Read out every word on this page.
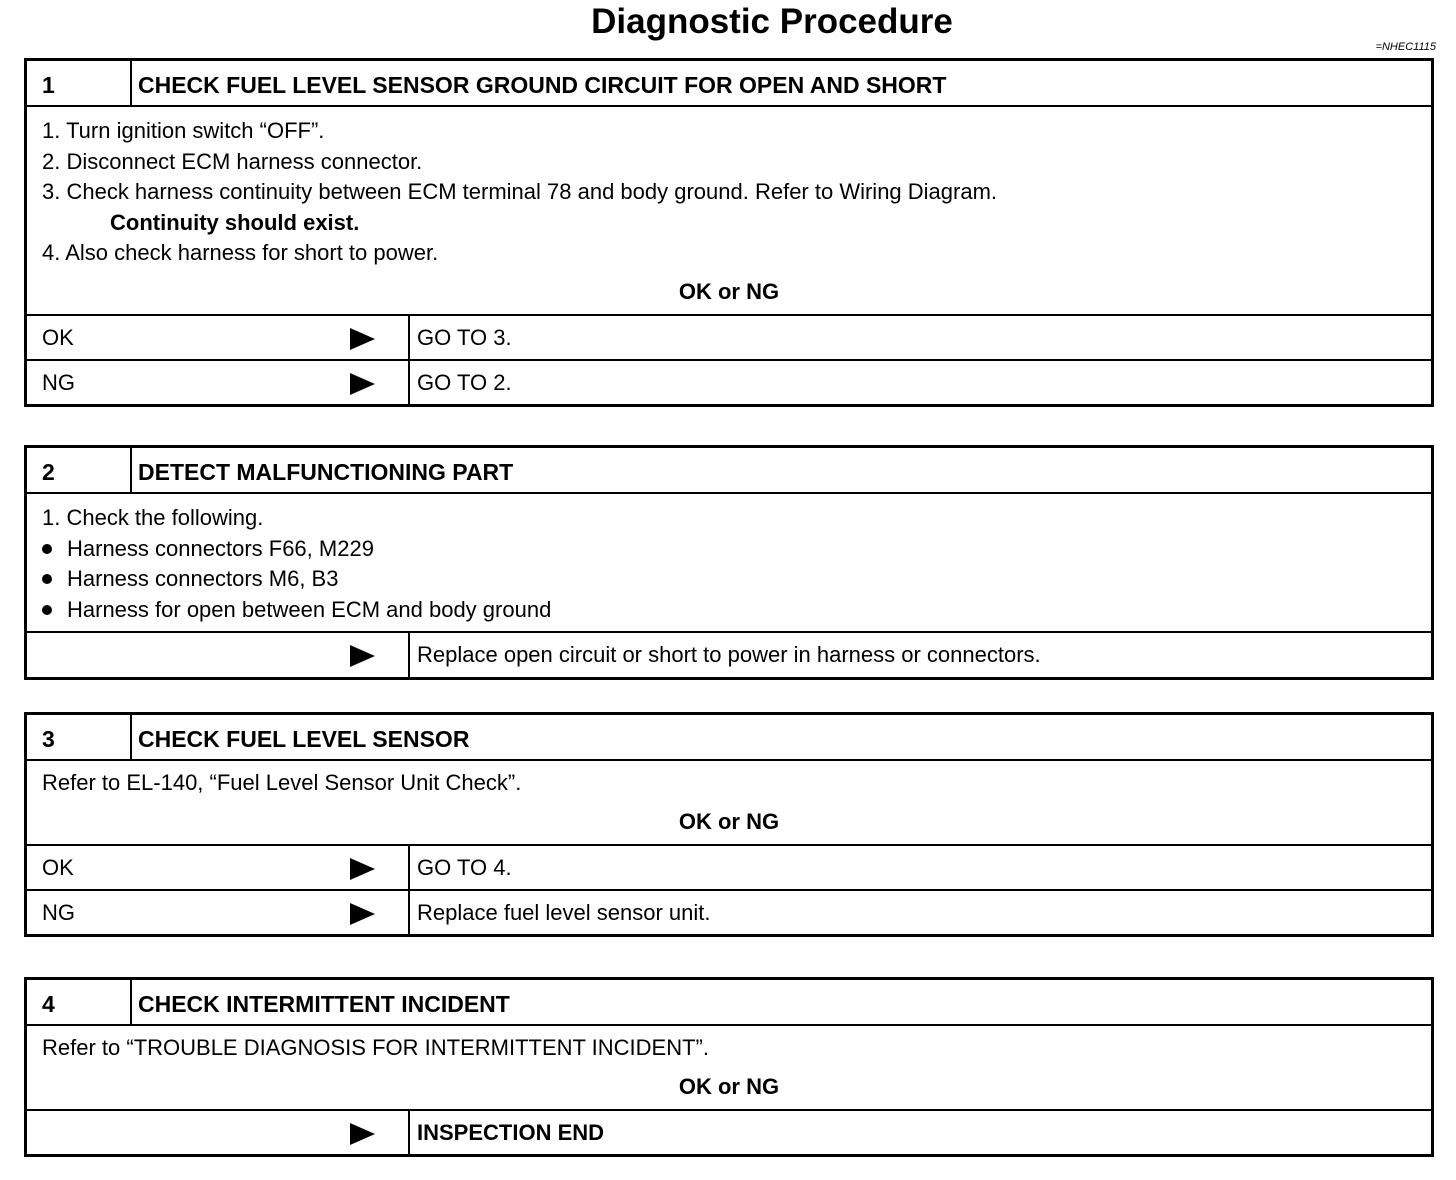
Diagnostic Procedure
=NHEC1115
1	CHECK FUEL LEVEL SENSOR GROUND CIRCUIT FOR OPEN AND SHORT
1. Turn ignition switch “OFF”.
2. Disconnect ECM harness connector.
3. Check harness continuity between ECM terminal 78 and body ground. Refer to Wiring Diagram.
Continuity should exist.
4. Also check harness for short to power.
OK or NG
OK	GO TO 3.
NG	GO TO 2.
2	DETECT MALFUNCTIONING PART
1. Check the following.
Harness connectors F66, M229
Harness connectors M6, B3
Harness for open between ECM and body ground
Replace open circuit or short to power in harness or connectors.
3	CHECK FUEL LEVEL SENSOR
Refer to EL-140, “Fuel Level Sensor Unit Check”.
OK or NG
OK	GO TO 4.
NG	Replace fuel level sensor unit.
4	CHECK INTERMITTENT INCIDENT
Refer to “TROUBLE DIAGNOSIS FOR INTERMITTENT INCIDENT”.
OK or NG
INSPECTION END
